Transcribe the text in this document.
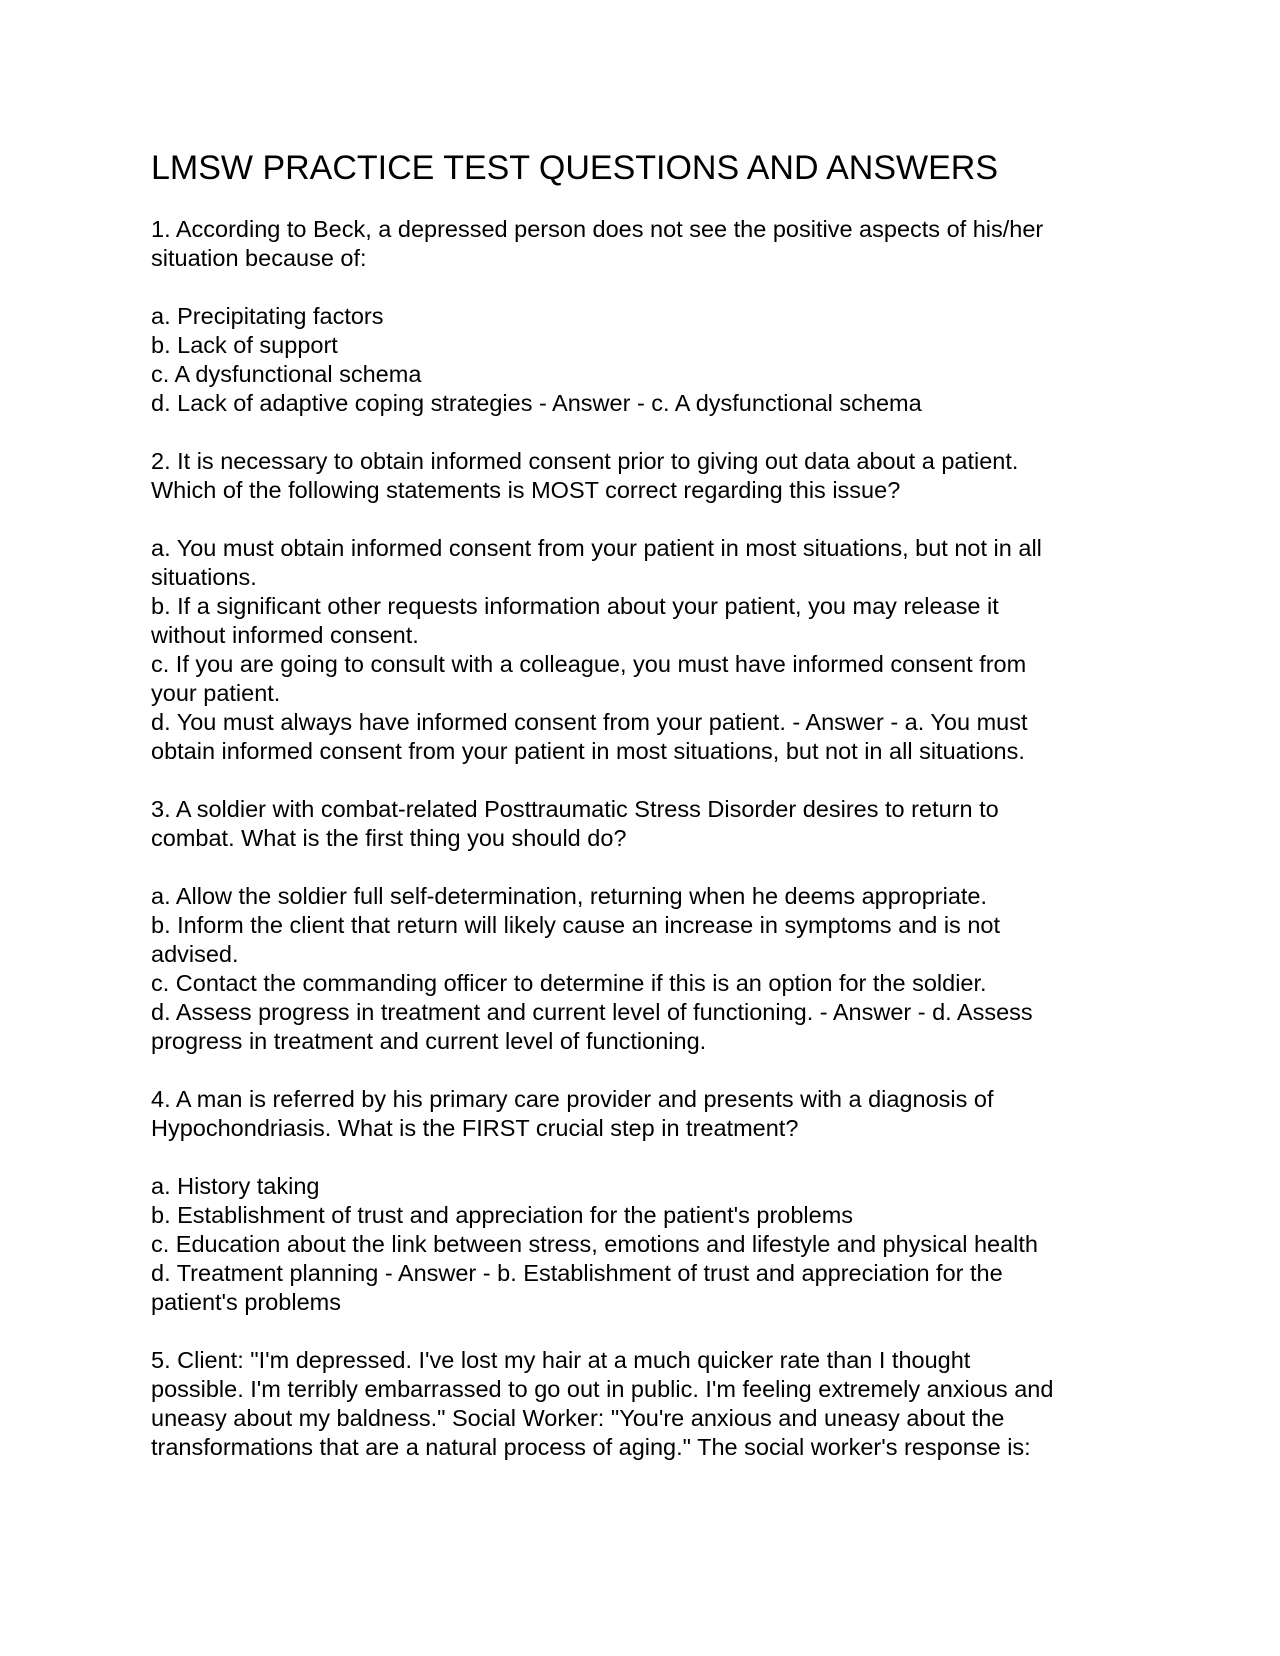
LMSW PRACTICE TEST QUESTIONS AND ANSWERS
1. According to Beck, a depressed person does not see the positive aspects of his/her
situation because of:
a. Precipitating factors
b. Lack of support
c. A dysfunctional schema
d. Lack of adaptive coping strategies - Answer - c. A dysfunctional schema
2. It is necessary to obtain informed consent prior to giving out data about a patient.
Which of the following statements is MOST correct regarding this issue?
a. You must obtain informed consent from your patient in most situations, but not in all
situations.
b. If a significant other requests information about your patient, you may release it
without informed consent.
c. If you are going to consult with a colleague, you must have informed consent from
your patient.
d. You must always have informed consent from your patient. - Answer - a. You must
obtain informed consent from your patient in most situations, but not in all situations.
3. A soldier with combat-related Posttraumatic Stress Disorder desires to return to
combat. What is the first thing you should do?
a. Allow the soldier full self-determination, returning when he deems appropriate.
b. Inform the client that return will likely cause an increase in symptoms and is not
advised.
c. Contact the commanding officer to determine if this is an option for the soldier.
d. Assess progress in treatment and current level of functioning. - Answer - d. Assess
progress in treatment and current level of functioning.
4. A man is referred by his primary care provider and presents with a diagnosis of
Hypochondriasis. What is the FIRST crucial step in treatment?
a. History taking
b. Establishment of trust and appreciation for the patient's problems
c. Education about the link between stress, emotions and lifestyle and physical health
d. Treatment planning - Answer - b. Establishment of trust and appreciation for the
patient's problems
5. Client: "I'm depressed. I've lost my hair at a much quicker rate than I thought
possible. I'm terribly embarrassed to go out in public. I'm feeling extremely anxious and
uneasy about my baldness." Social Worker: "You're anxious and uneasy about the
transformations that are a natural process of aging." The social worker's response is:
